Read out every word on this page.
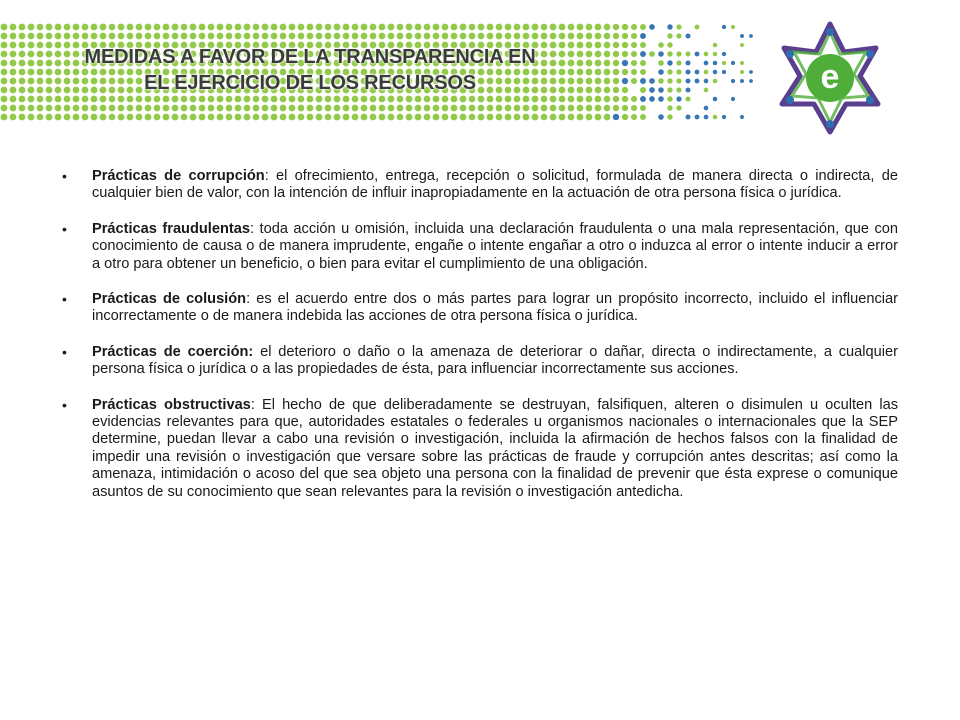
MEDIDAS A FAVOR DE LA TRANSPARENCIA EN
EL EJERCICIO DE LOS RECURSOS	e
• Prácticas de corrupción: el ofrecimiento, entrega, recepción o solicitud, formulada de manera directa o indirecta, de cualquier bien de valor, con la intención de influir inapropiadamente en la actuación de otra persona física o jurídica.
• Prácticas fraudulentas: toda acción u omisión, incluida una declaración fraudulenta o una mala representación, que con conocimiento de causa o de manera imprudente, engañe o intente engañar a otro o induzca al error o intente inducir a error a otro para obtener un beneficio, o bien para evitar el cumplimiento de una obligación.
• Prácticas de colusión: es el acuerdo entre dos o más partes para lograr un propósito incorrecto, incluido el influenciar incorrectamente o de manera indebida las acciones de otra persona física o jurídica.
• Prácticas de coerción: el deterioro o daño o la amenaza de deteriorar o dañar, directa o indirectamente, a cualquier persona física o jurídica o a las propiedades de ésta, para influenciar incorrectamente sus acciones.
• Prácticas obstructivas: El hecho de que deliberadamente se destruyan, falsifiquen, alteren o disimulen u oculten las evidencias relevantes para que, autoridades estatales o federales u organismos nacionales o internacionales que la SEP determine, puedan llevar a cabo una revisión o investigación, incluida la afirmación de hechos falsos con la finalidad de impedir una revisión o investigación que versare sobre las prácticas de fraude y corrupción antes descritas; así como la amenaza, intimidación o acoso del que sea objeto una persona con la finalidad de prevenir que ésta exprese o comunique asuntos de su conocimiento que sean relevantes para la revisión o investigación antedicha.
